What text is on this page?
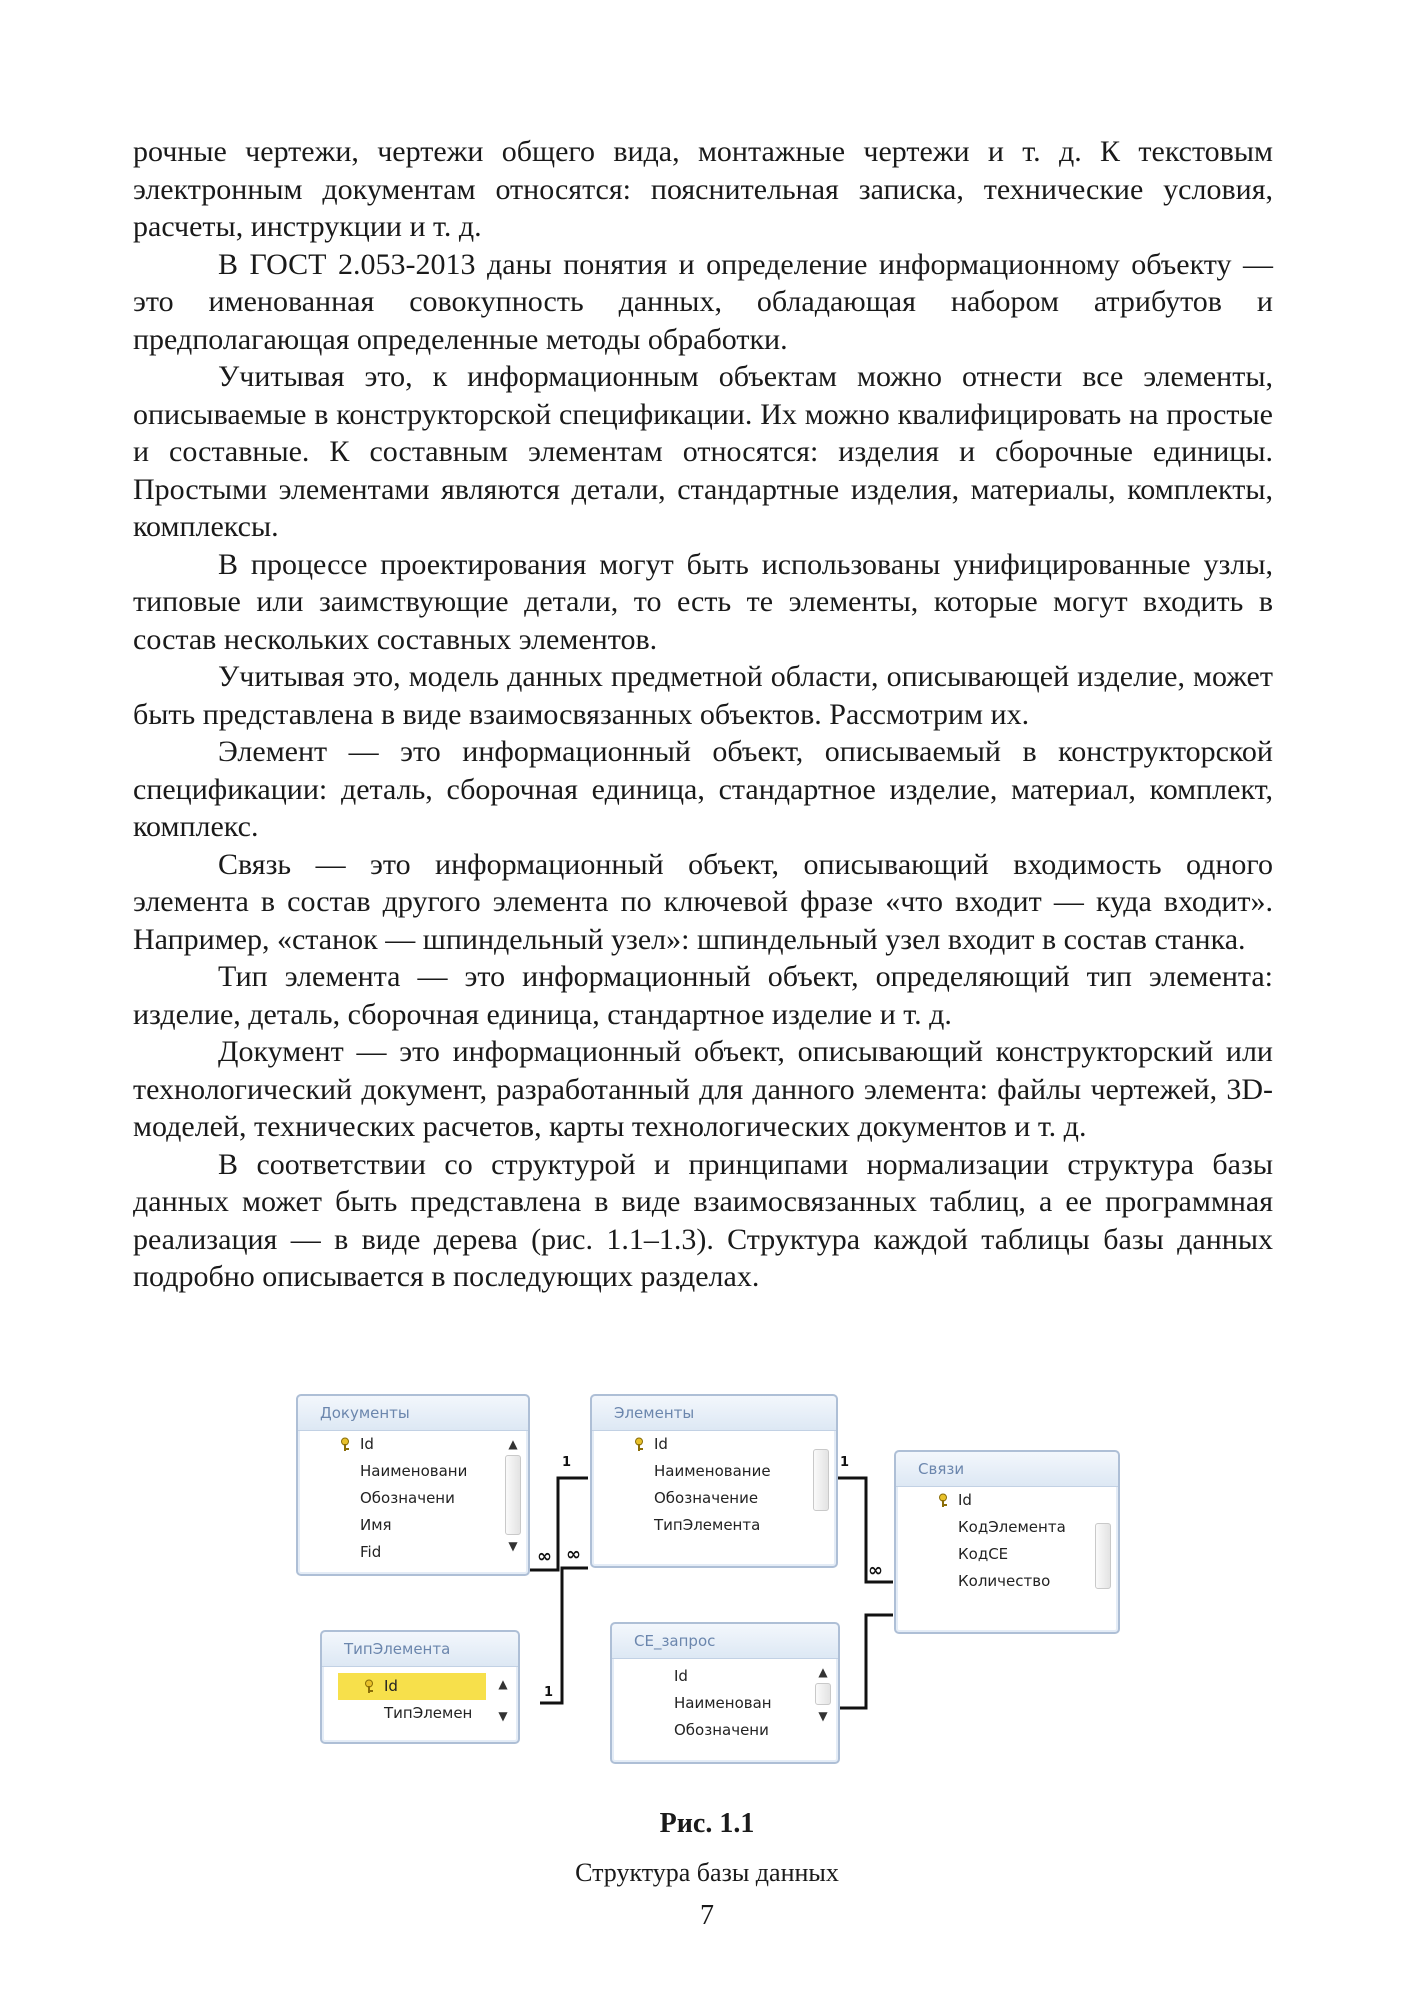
рочные чертежи, чертежи общего вида, монтажные чертежи и т. д. К текстовым электронным документам относятся: пояснительная записка, технические условия, расчеты, инструкции и т. д.

В ГОСТ 2.053-2013 даны понятия и определение информационному объекту — это именованная совокупность данных, обладающая набором атрибутов и предполагающая определенные методы обработки.

Учитывая это, к информационным объектам можно отнести все элементы, описываемые в конструкторской спецификации. Их можно квалифицировать на простые и составные. К составным элементам относятся: изделия и сборочные единицы. Простыми элементами являются детали, стандартные изделия, материалы, комплекты, комплексы.

В процессе проектирования могут быть использованы унифицированные узлы, типовые или заимствующие детали, то есть те элементы, которые могут входить в состав нескольких составных элементов.

Учитывая это, модель данных предметной области, описывающей изделие, может быть представлена в виде взаимосвязанных объектов. Рассмотрим их.

Элемент — это информационный объект, описываемый в конструкторской спецификации: деталь, сборочная единица, стандартное изделие, материал, комплект, комплекс.

Связь — это информационный объект, описывающий входимость одного элемента в состав другого элемента по ключевой фразе «что входит — куда входит». Например, «станок — шпиндельный узел»: шпиндельный узел входит в состав станка.

Тип элемента — это информационный объект, определяющий тип элемента: изделие, деталь, сборочная единица, стандартное изделие и т. д.

Документ — это информационный объект, описывающий конструкторский или технологический документ, разработанный для данного элемента: файлы чертежей, 3D-моделей, технических расчетов, карты технологических документов и т. д.

В соответствии со структурой и принципами нормализации структура базы данных может быть представлена в виде взаимосвязанных таблиц, а ее программная реализация — в виде дерева (рис. 1.1–1.3). Структура каждой таблицы базы данных подробно описывается в последующих разделах.

1
∞
1
∞
1
∞
Документы
Id
Наименовани
Обозначени
Имя
Fid
▲
▼
Элементы
Id
Наименование
Обозначение
ТипЭлемента
Связи
Id
КодЭлемента
КодСЕ
Количество
ТипЭлемента
Id
ТипЭлемен
▲
▼
CE_запрос
Id
Наименован
Обозначени
▲
▼
Рис. 1.1
Структура базы данных
7
